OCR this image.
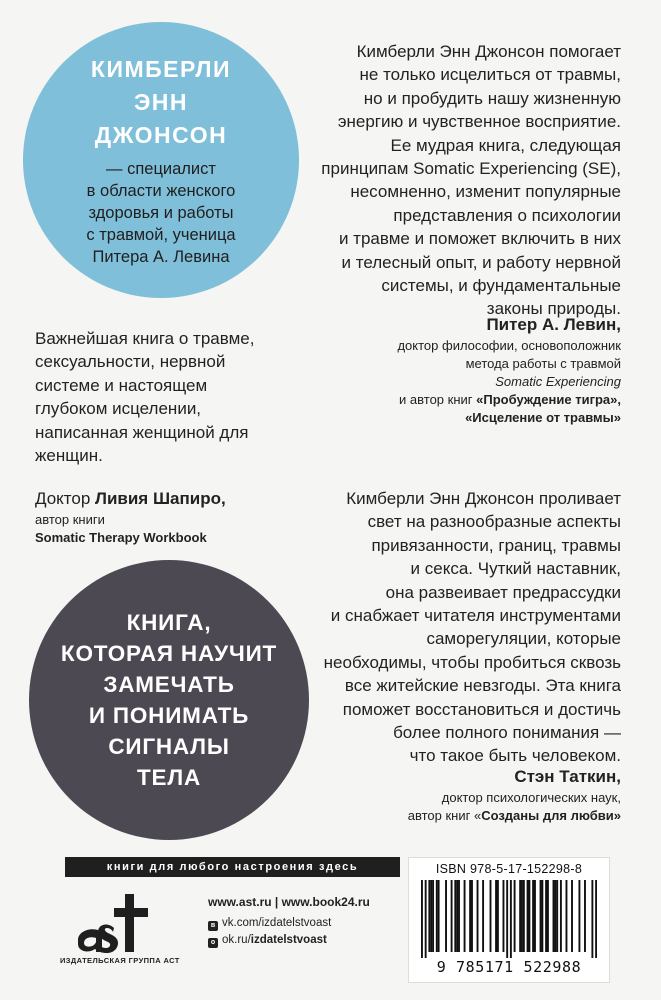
КИМБЕРЛИ
ЭНН
ДЖОНСОН
— специалист
в области женского
здоровья и работы
с травмой, ученица
Питера А. Левина
Кимберли Энн Джонсон помогает
не только исцелиться от травмы,
но и пробудить нашу жизненную
энергию и чувственное восприятие.
Ее мудрая книга, следующая
принципам Somatic Experiencing (SE),
несомненно, изменит популярные
представления о психологии
и травме и поможет включить в них
и телесный опыт, и работу нервной
системы, и фундаментальные
законы природы.
Питер А. Левин,
доктор философии, основоположник
метода работы с травмой
Somatic Experiencing
и автор книг «Пробуждение тигра»,
«Исцеление от травмы»
Важнейшая книга о травме,
сексуальности, нервной
системе и настоящем
глубоком исцелении,
написанная женщиной для
женщин.
Доктор Ливия Шапиро,
автор книги
Somatic Therapy Workbook
КНИГА,
КОТОРАЯ НАУЧИТ
ЗАМЕЧАТЬ
И ПОНИМАТЬ
СИГНАЛЫ
ТЕЛА
Кимберли Энн Джонсон проливает
свет на разнообразные аспекты
привязанности, границ, травмы
и секса. Чуткий наставник,
она развеивает предрассудки
и снабжает читателя инструментами
саморегуляции, которые
необходимы, чтобы пробиться сквозь
все житейские невзгоды. Эта книга
поможет восстановиться и достичь
более полного понимания —
что такое быть человеком.
Стэн Таткин,
доктор психологических наук,
автор книг «Созданы для любви»
книги для любого настроения здесь
ИЗДАТЕЛЬСКАЯ ГРУППА АСТ
www.ast.ru | www.book24.ru
в vk.com/izdatelstvoast
o ok.ru/izdatelstvoast
ISBN 978-5-17-152298-8
9 785171 522988
